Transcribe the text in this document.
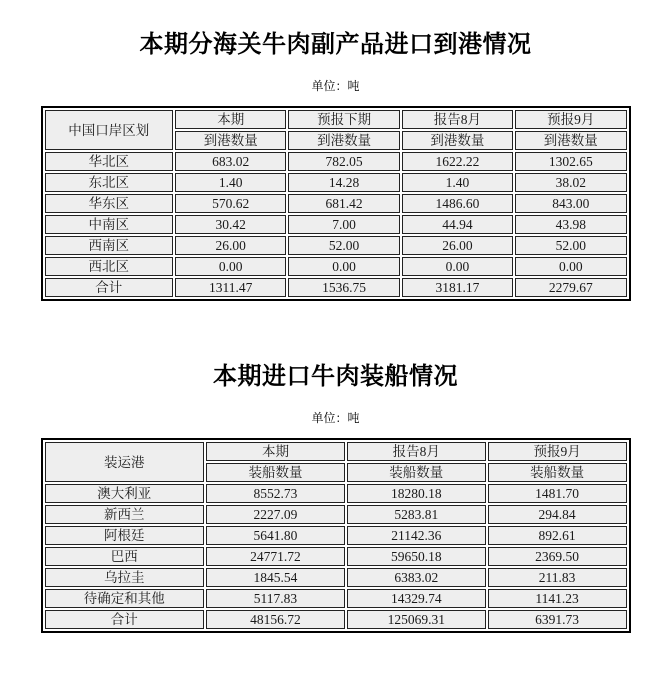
本期分海关牛肉副产品进口到港情况
单位：吨
中国口岸区划	本期	预报下期	报告8月	预报9月
	到港数量	到港数量	到港数量	到港数量
华北区	683.02	782.05	1622.22	1302.65
东北区	1.40	14.28	1.40	38.02
华东区	570.62	681.42	1486.60	843.00
中南区	30.42	7.00	44.94	43.98
西南区	26.00	52.00	26.00	52.00
西北区	0.00	0.00	0.00	0.00
合计	1311.47	1536.75	3181.17	2279.67
本期进口牛肉装船情况
单位：吨
装运港	本期	报告8月	预报9月
	装船数量	装船数量	装船数量
澳大利亚	8552.73	18280.18	1481.70
新西兰	2227.09	5283.81	294.84
阿根廷	5641.80	21142.36	892.61
巴西	24771.72	59650.18	2369.50
乌拉圭	1845.54	6383.02	211.83
待确定和其他	5117.83	14329.74	1141.23
合计	48156.72	125069.31	6391.73
